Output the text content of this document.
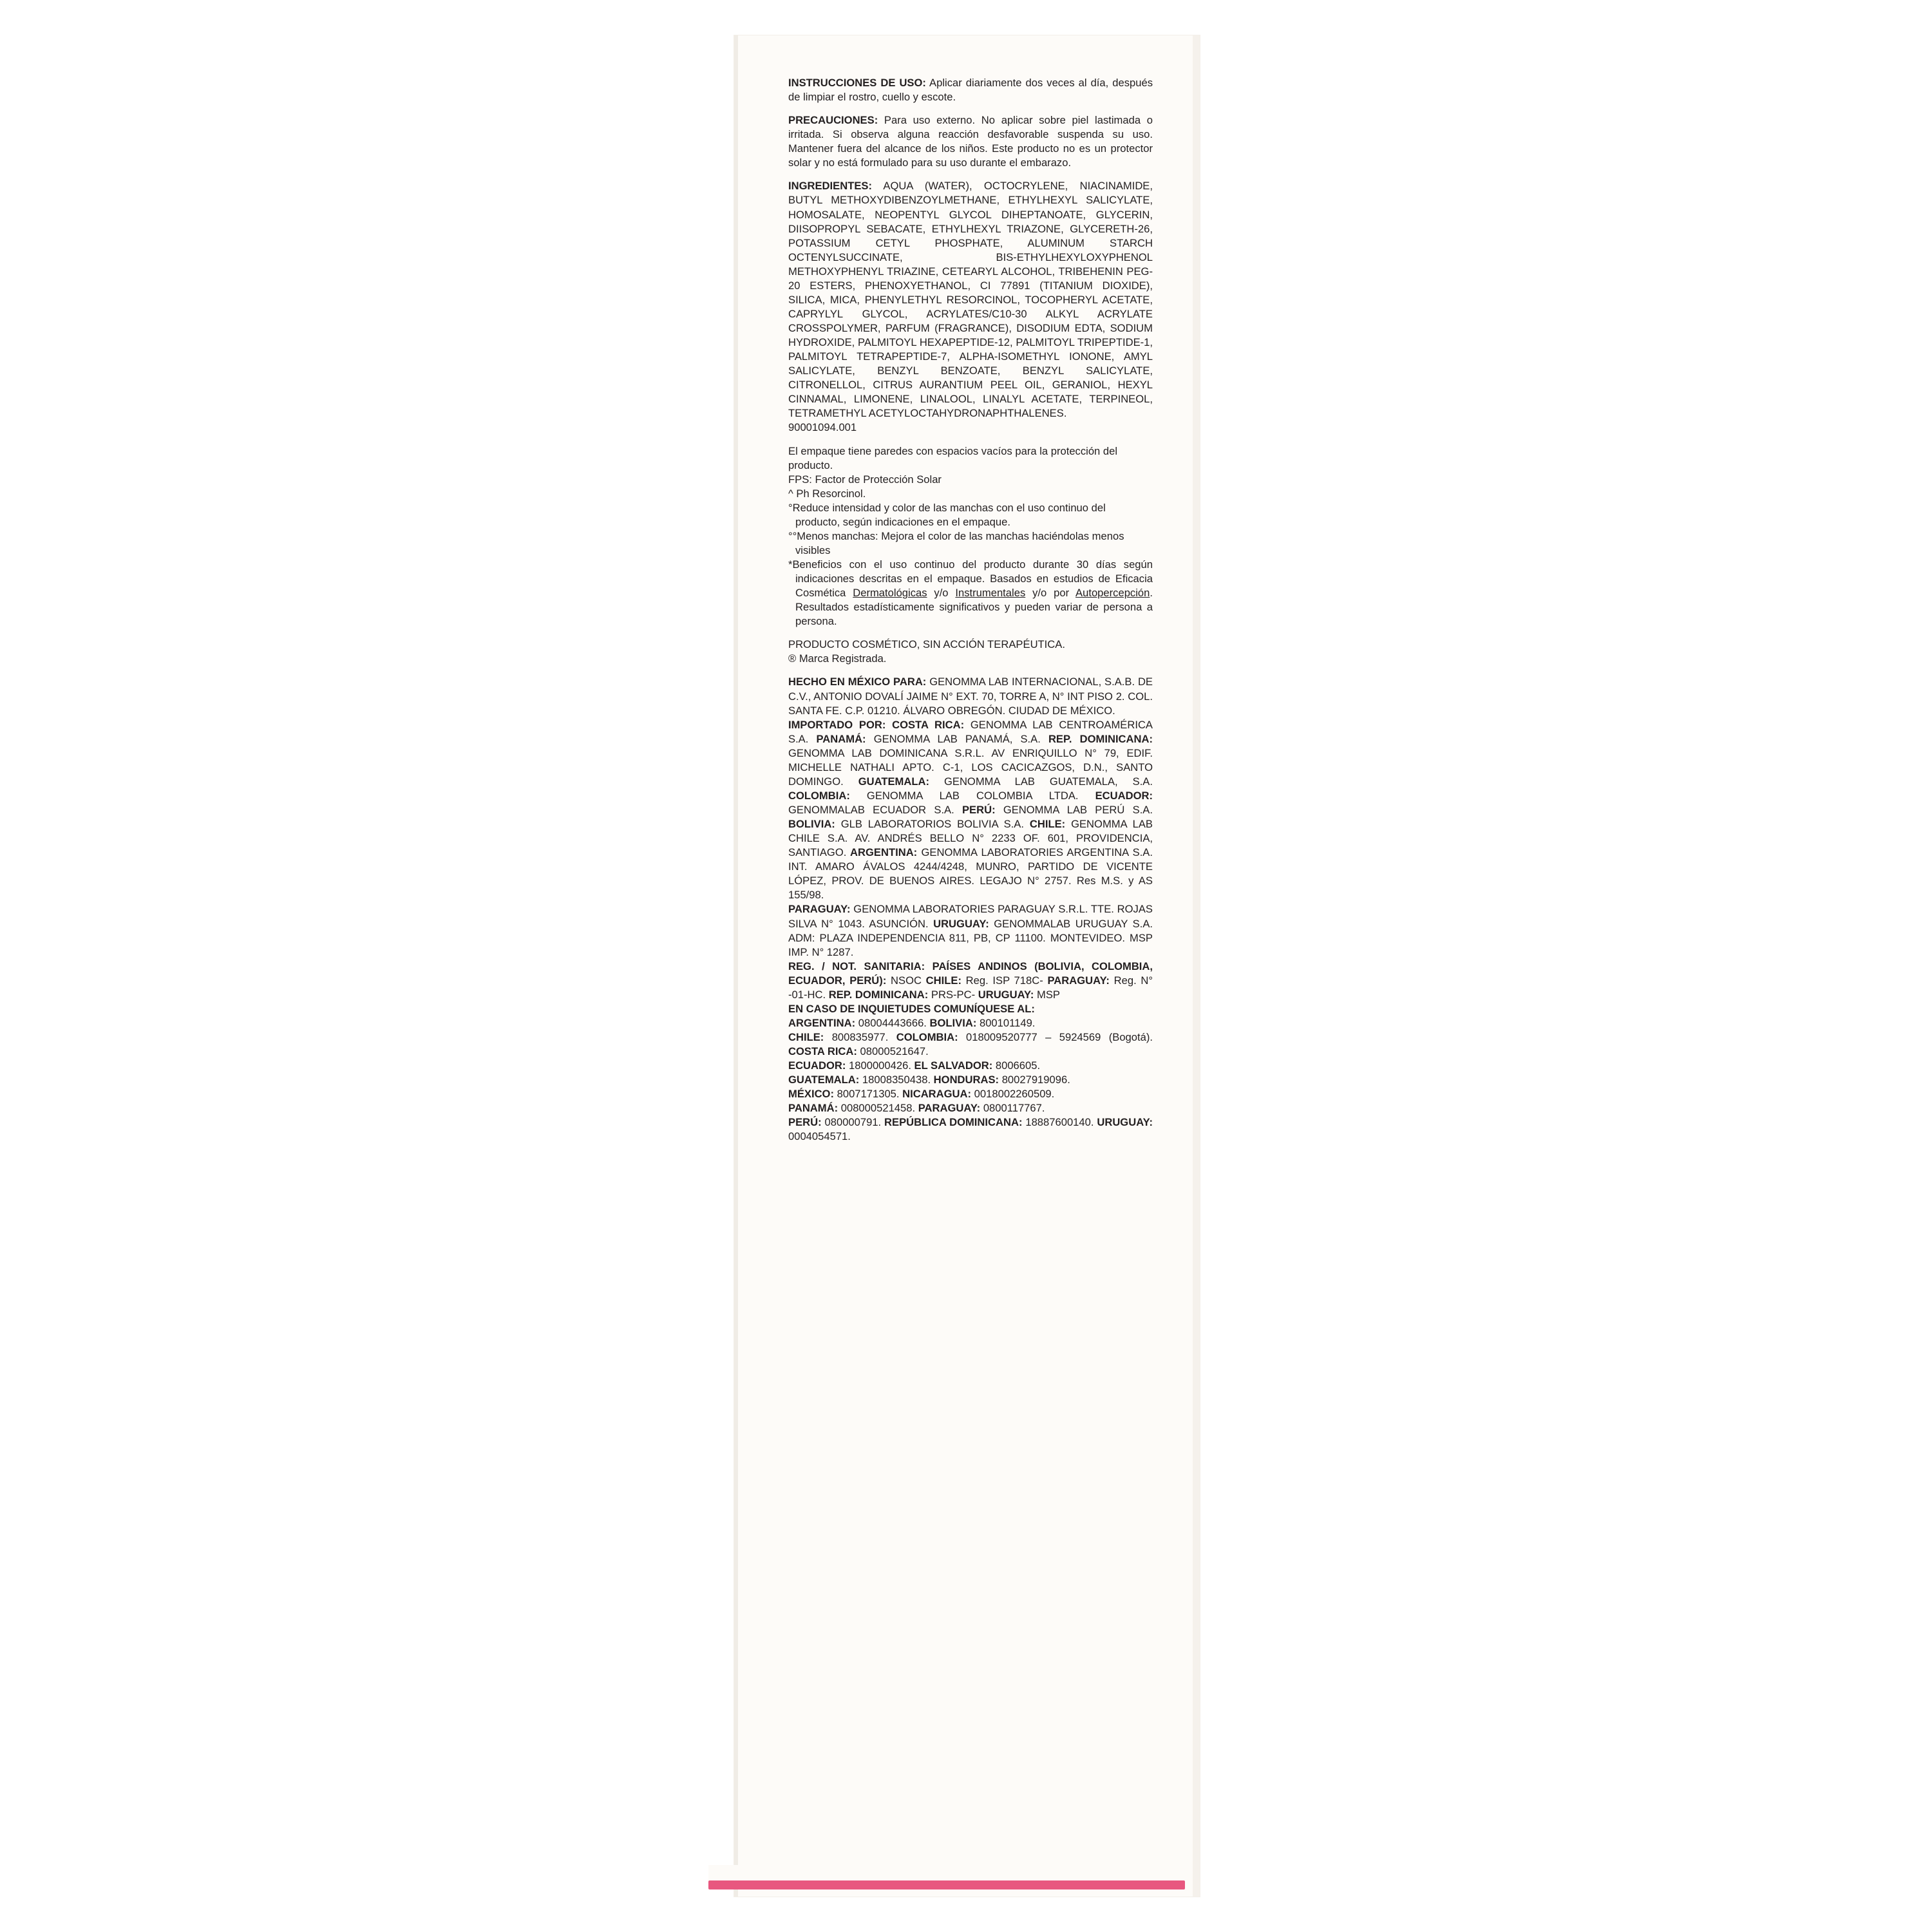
INSTRUCCIONES DE USO: Aplicar diariamente dos veces al día, después de limpiar el rostro, cuello y escote.
PRECAUCIONES: Para uso externo. No aplicar sobre piel lastimada o irritada. Si observa alguna reacción desfavorable suspenda su uso. Mantener fuera del alcance de los niños. Este producto no es un protector solar y no está formulado para su uso durante el embarazo.
INGREDIENTES: AQUA (WATER), OCTOCRYLENE, NIACINAMIDE, BUTYL METHOXYDIBENZOYLMETHANE, ETHYLHEXYL SALICYLATE, HOMOSALATE, NEOPENTYL GLYCOL DIHEPTANOATE, GLYCERIN, DIISOPROPYL SEBACATE, ETHYLHEXYL TRIAZONE, GLYCERETH-26, POTASSIUM CETYL PHOSPHATE, ALUMINUM STARCH OCTENYLSUCCINATE, BIS-ETHYLHEXYLOXYPHENOL METHOXYPHENYL TRIAZINE, CETEARYL ALCOHOL, TRIBEHENIN PEG-20 ESTERS, PHENOXYETHANOL, CI 77891 (TITANIUM DIOXIDE), SILICA, MICA, PHENYLETHYL RESORCINOL, TOCOPHERYL ACETATE, CAPRYLYL GLYCOL, ACRYLATES/C10-30 ALKYL ACRYLATE CROSSPOLYMER, PARFUM (FRAGRANCE), DISODIUM EDTA, SODIUM HYDROXIDE, PALMITOYL HEXAPEPTIDE-12, PALMITOYL TRIPEPTIDE-1, PALMITOYL TETRAPEPTIDE-7, ALPHA-ISOMETHYL IONONE, AMYL SALICYLATE, BENZYL BENZOATE, BENZYL SALICYLATE, CITRONELLOL, CITRUS AURANTIUM PEEL OIL, GERANIOL, HEXYL CINNAMAL, LIMONENE, LINALOOL, LINALYL ACETATE, TERPINEOL, TETRAMETHYL ACETYLOCTAHYDRONAPHTHALENES.
90001094.001
El empaque tiene paredes con espacios vacíos para la protección del producto.
FPS: Factor de Protección Solar
^ Ph Resorcinol.
°Reduce intensidad y color de las manchas con el uso continuo del producto, según indicaciones en el empaque.
°°Menos manchas: Mejora el color de las manchas haciéndolas menos visibles
*Beneficios con el uso continuo del producto durante 30 días según indicaciones descritas en el empaque. Basados en estudios de Eficacia Cosmética Dermatológicas y/o Instrumentales y/o por Autopercepción. Resultados estadísticamente significativos y pueden variar de persona a persona.
PRODUCTO COSMÉTICO, SIN ACCIÓN TERAPÉUTICA.
® Marca Registrada.
HECHO EN MÉXICO PARA: GENOMMA LAB INTERNACIONAL, S.A.B. DE C.V., ANTONIO DOVALÍ JAIME N° EXT. 70, TORRE A, N° INT PISO 2. COL. SANTA FE. C.P. 01210. ÁLVARO OBREGÓN. CIUDAD DE MÉXICO.
IMPORTADO POR: COSTA RICA: GENOMMA LAB CENTROAMÉRICA S.A. PANAMÁ: GENOMMA LAB PANAMÁ, S.A. REP. DOMINICANA: GENOMMA LAB DOMINICANA S.R.L. AV ENRIQUILLO N° 79, EDIF. MICHELLE NATHALI APTO. C-1, LOS CACICAZGOS, D.N., SANTO DOMINGO. GUATEMALA: GENOMMA LAB GUATEMALA, S.A. COLOMBIA: GENOMMA LAB COLOMBIA LTDA. ECUADOR: GENOMMALAB ECUADOR S.A. PERÚ: GENOMMA LAB PERÚ S.A. BOLIVIA: GLB LABORATORIOS BOLIVIA S.A. CHILE: GENOMMA LAB CHILE S.A. AV. ANDRÉS BELLO N° 2233 OF. 601, PROVIDENCIA, SANTIAGO. ARGENTINA: GENOMMA LABORATORIES ARGENTINA S.A. INT. AMARO ÁVALOS 4244/4248, MUNRO, PARTIDO DE VICENTE LÓPEZ, PROV. DE BUENOS AIRES. LEGAJO N° 2757. Res M.S. y AS 155/98.
PARAGUAY: GENOMMA LABORATORIES PARAGUAY S.R.L. TTE. ROJAS SILVA N° 1043. ASUNCIÓN. URUGUAY: GENOMMALAB URUGUAY S.A. ADM: PLAZA INDEPENDENCIA 811, PB, CP 11100. MONTEVIDEO. MSP IMP. N° 1287.
REG. / NOT. SANITARIA: PAÍSES ANDINOS (BOLIVIA, COLOMBIA, ECUADOR, PERÚ): NSOC CHILE: Reg. ISP 718C- PARAGUAY: Reg. N° -01-HC. REP. DOMINICANA: PRS-PC- URUGUAY: MSP
EN CASO DE INQUIETUDES COMUNÍQUESE AL:
ARGENTINA: 08004443666. BOLIVIA: 800101149.
CHILE: 800835977. COLOMBIA: 018009520777 – 5924569 (Bogotá). COSTA RICA: 08000521647.
ECUADOR: 1800000426. EL SALVADOR: 8006605.
GUATEMALA: 18008350438. HONDURAS: 80027919096.
MÉXICO: 8007171305. NICARAGUA: 0018002260509.
PANAMÁ: 008000521458. PARAGUAY: 0800117767.
PERÚ: 080000791. REPÚBLICA DOMINICANA: 18887600140. URUGUAY: 0004054571.
